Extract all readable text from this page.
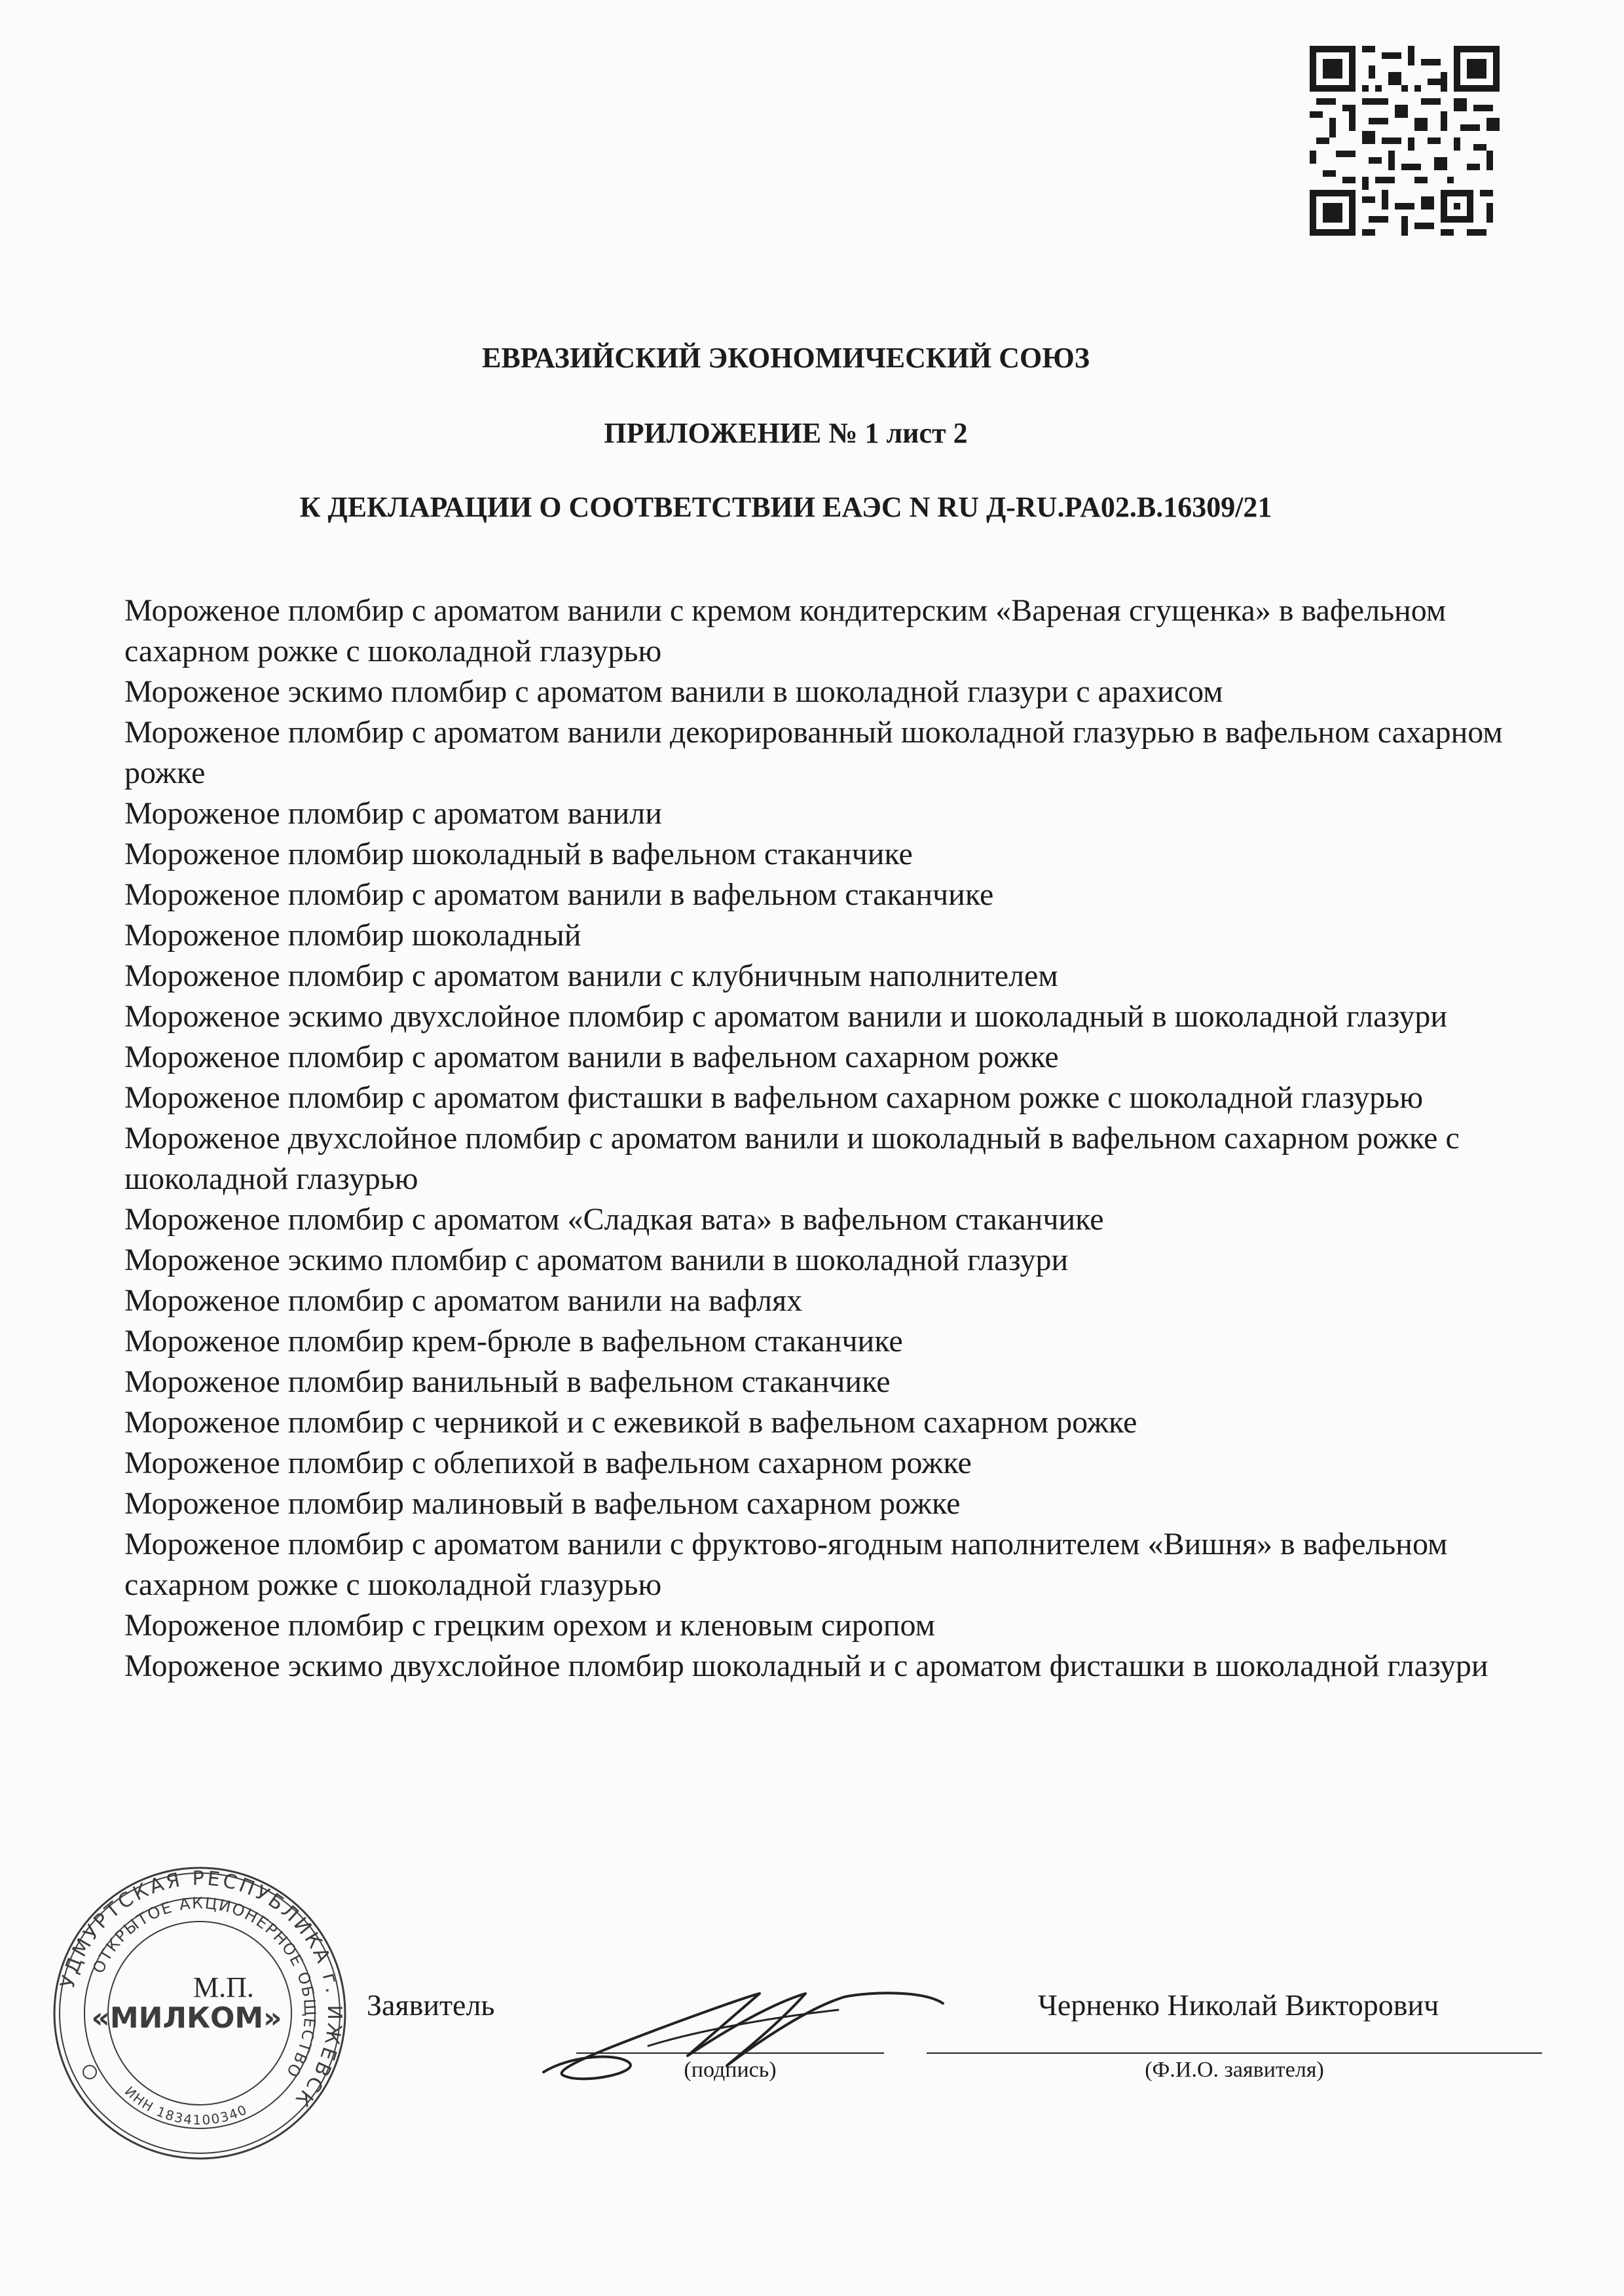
ЕВРАЗИЙСКИЙ ЭКОНОМИЧЕСКИЙ СОЮЗ

ПРИЛОЖЕНИЕ № 1 лист 2

К ДЕКЛАРАЦИИ О СООТВЕТСТВИИ ЕАЭС N RU Д-RU.PA02.B.16309/21

Мороженое пломбир с ароматом ванили с кремом кондитерским «Вареная сгущенка» в вафельном сахарном рожке с шоколадной глазурью
Мороженое эскимо пломбир с ароматом ванили в шоколадной глазури с арахисом
Мороженое пломбир с ароматом ванили декорированный шоколадной глазурью в вафельном сахарном рожке
Мороженое пломбир с ароматом ванили
Мороженое пломбир шоколадный в вафельном стаканчике
Мороженое пломбир с ароматом ванили в вафельном стаканчике
Мороженое пломбир шоколадный
Мороженое пломбир с ароматом ванили с клубничным наполнителем
Мороженое эскимо двухслойное пломбир с ароматом ванили и шоколадный в шоколадной глазури
Мороженое пломбир с ароматом ванили в вафельном сахарном рожке
Мороженое пломбир с ароматом фисташки в вафельном сахарном рожке с шоколадной глазурью
Мороженое двухслойное пломбир с ароматом ванили и шоколадный в вафельном сахарном рожке с шоколадной глазурью
Мороженое пломбир с ароматом «Сладкая вата» в вафельном стаканчике
Мороженое эскимо пломбир с ароматом ванили в шоколадной глазури
Мороженое пломбир с ароматом ванили на вафлях
Мороженое пломбир крем-брюле в вафельном стаканчике
Мороженое пломбир ванильный в вафельном стаканчике
Мороженое пломбир с черникой и с ежевикой в вафельном сахарном рожке
Мороженое пломбир с облепихой в вафельном сахарном рожке
Мороженое пломбир малиновый в вафельном сахарном рожке
Мороженое пломбир с ароматом ванили с фруктово-ягодным наполнителем «Вишня» в вафельном сахарном рожке с шоколадной глазурью
Мороженое пломбир с грецким орехом и кленовым сиропом
Мороженое эскимо двухслойное пломбир шоколадный и с ароматом фисташки в шоколадной глазури
УДМУРТСКАЯ РЕСПУБЛИКА г. ИЖЕВСК
ОТКРЫТОЕ АКЦИОНЕРНОЕ ОБЩЕСТВО
ИНН 1834100340
«МИЛКОМ»
М.П.
Заявитель
(подпись)
Черненко Николай Викторович
(Ф.И.О. заявителя)
